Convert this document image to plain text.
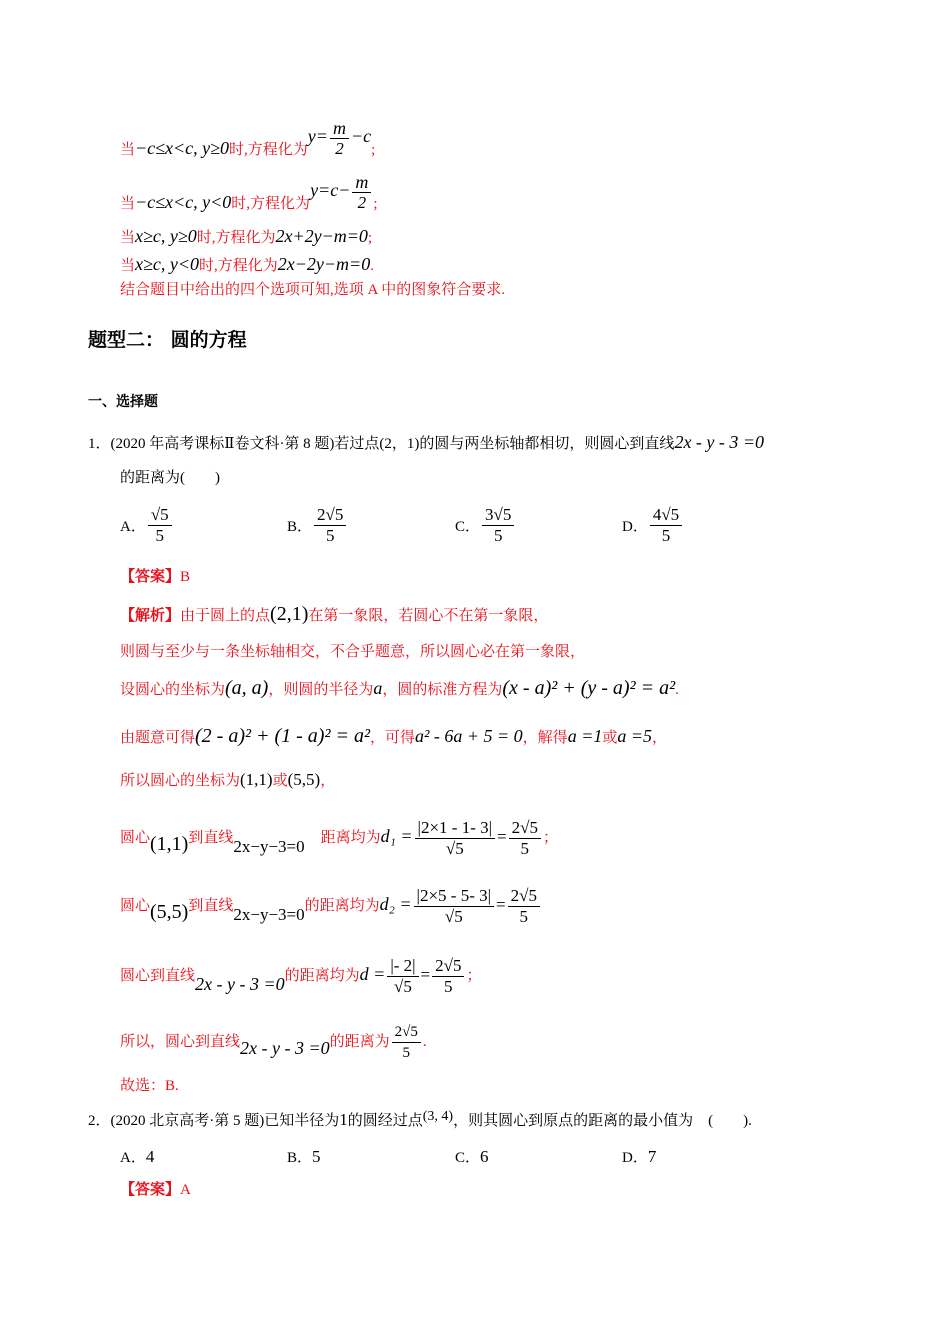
当−c≤x<c, y≥0时,方程化为$y= \frac{m}{2} -c$;
当−c≤x<c, y<0时,方程化为$y=c- \frac{m}{2}$ ;
当x≥c, y≥0时,方程化为2x+2y−m=0;
当x≥c, y<0时,方程化为2x−2y−m=0.
结合题目中给出的四个选项可知,选项 A 中的图象符合要求.
题型二： 圆的方程
一、选择题
1．(2020 年高考课标Ⅱ卷文科·第 8 题)若过点(2，1)的圆与两坐标轴都相切，则圆心到直线2x - y - 3 =0
的距离为(　　)
A． $\frac{√5}{5}$	B． $\frac{2√5}{5}$	C． $\frac{3√5}{5}$	D． $\frac{4√5}{5}$
【答案】B
【解析】由于圆上的点(2,1)在第一象限，若圆心不在第一象限，
则圆与至少与一条坐标轴相交，不合乎题意，所以圆心必在第一象限，
设圆心的坐标为(a, a)，则圆的半径为a，圆的标准方程为(x - a)² + (y - a)² = a².
由题意可得(2 - a)² + (1 - a)² = a²，可得a² - 6a + 5 = 0，解得a =1或a =5，
所以圆心的坐标为(1,1)或(5,5)，
圆心(1,1)到直线2x−y−3=0 距离均为$d_1 = \frac{|2\times 1 - 1- 3|}{√5} = \frac{2√5}{5}$ ；
圆心(5,5)到直线2x−y−3=0的距离均为$d_2 = \frac{|2\times 5 - 5- 3|}{√5} = \frac{2√5}{5}$
圆心到直线2x - y - 3 =0的距离均为$d = \frac{|- 2|}{√5} = \frac{2√5}{5}$ ；
所以，圆心到直线2x - y - 3 =0的距离为 $\frac{2√5}{5}$ .
故选：B.
2．(2020 北京高考·第 5 题)已知半径为1的圆经过点(3, 4)，则其圆心到原点的距离的最小值为　(　　).
A．4	B．5	C．6	D．7
【答案】A
